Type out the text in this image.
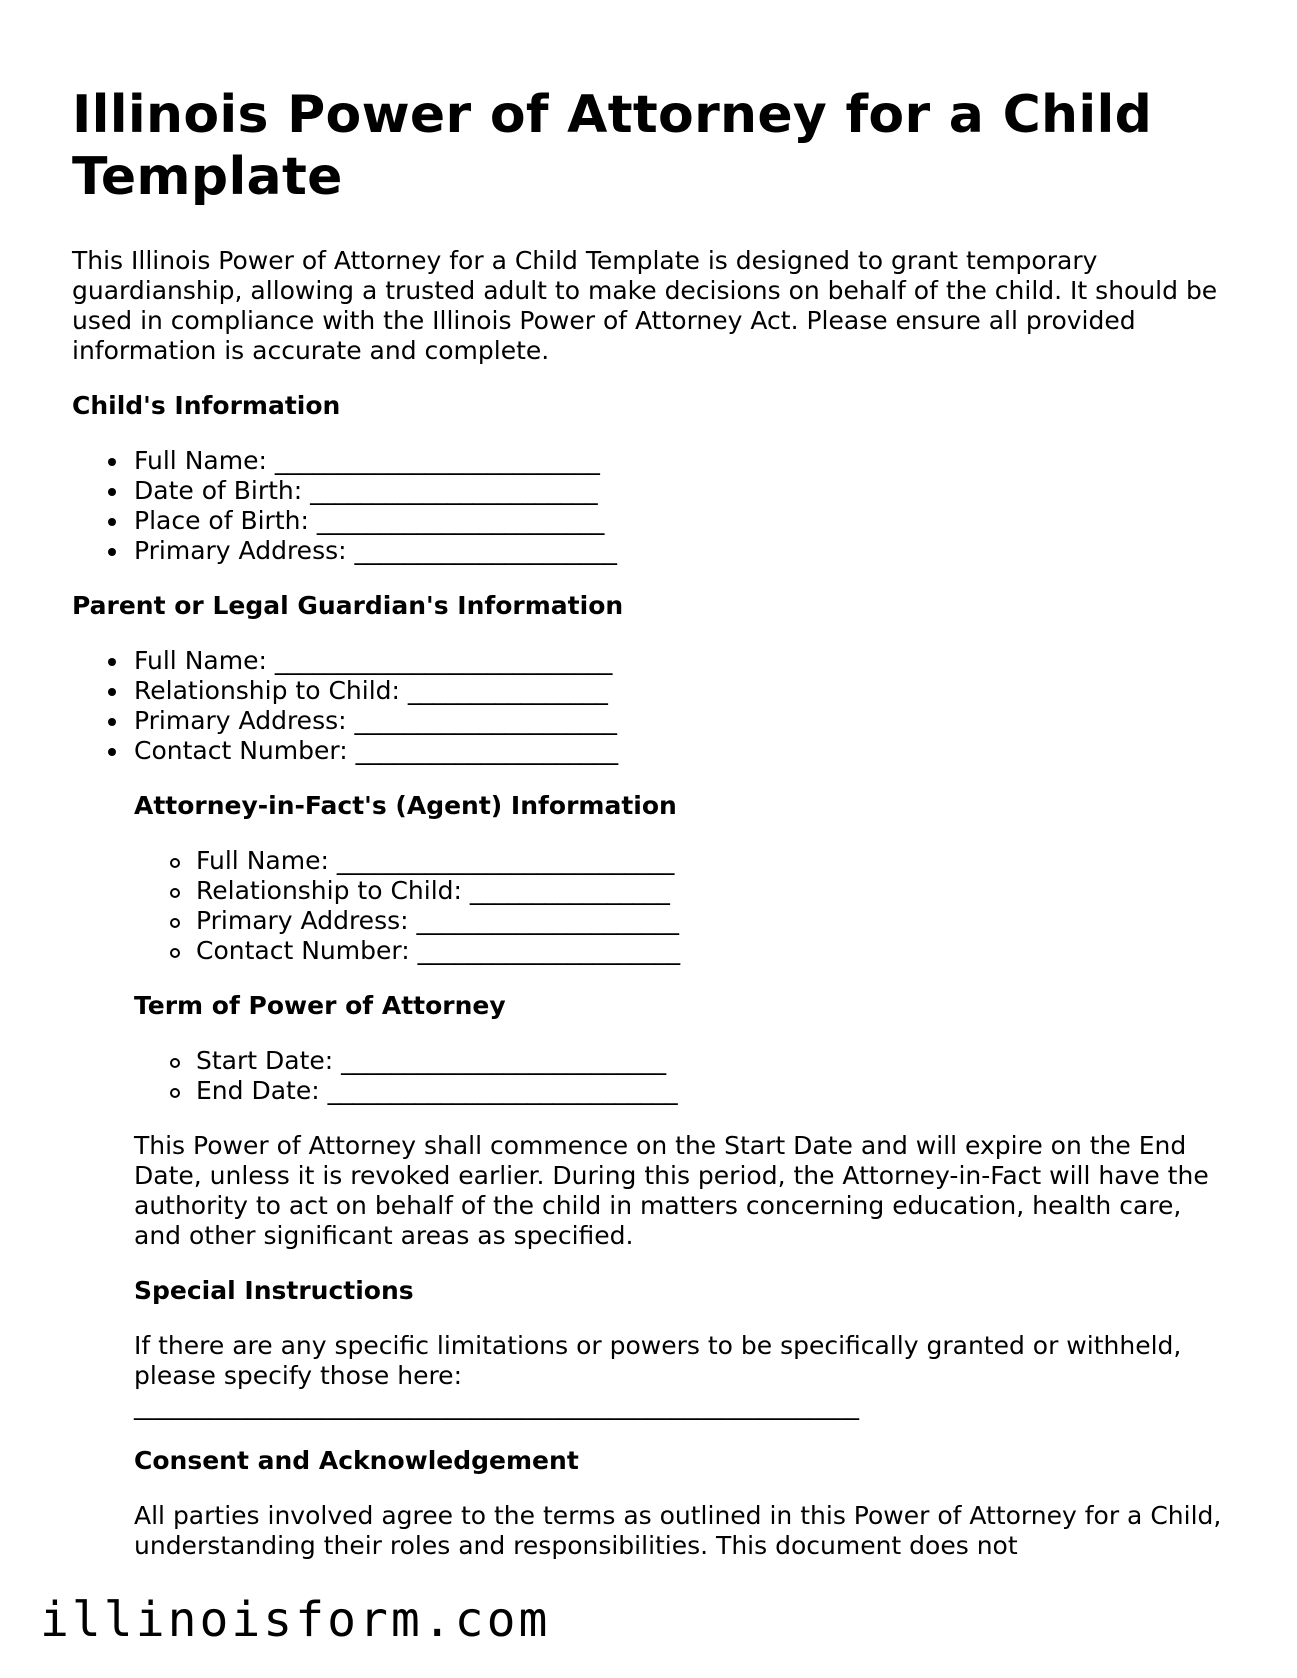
Illinois Power of Attorney for a Child Template

This Illinois Power of Attorney for a Child Template is designed to grant temporary guardianship, allowing a trusted adult to make decisions on behalf of the child. It should be used in compliance with the Illinois Power of Attorney Act. Please ensure all provided information is accurate and complete.

Child's Information
Full Name: __________________________
Date of Birth: _______________________
Place of Birth: _______________________
Primary Address: _____________________
Parent or Legal Guardian's Information
Full Name: ___________________________
Relationship to Child: ________________
Primary Address: _____________________
Contact Number: _____________________
Attorney-in-Fact's (Agent) Information
Full Name: ___________________________
Relationship to Child: ________________
Primary Address: _____________________
Contact Number: _____________________
Term of Power of Attorney
Start Date: __________________________
End Date: ____________________________

This Power of Attorney shall commence on the Start Date and will expire on the End Date, unless it is revoked earlier. During this period, the Attorney-in-Fact will have the authority to act on behalf of the child in matters concerning education, health care, and other significant areas as specified.

Special Instructions

If there are any specific limitations or powers to be specifically granted or withheld, please specify those here:

__________________________________________________________

Consent and Acknowledgement

All parties involved agree to the terms as outlined in this Power of Attorney for a Child, understanding their roles and responsibilities. This document does not

illinoisform.com
